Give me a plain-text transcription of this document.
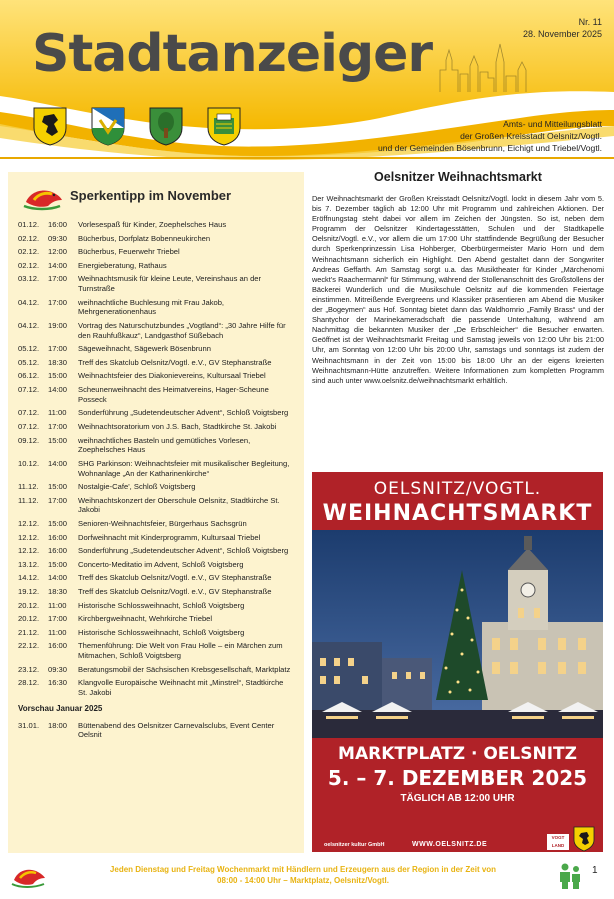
Stadtanzeiger
Nr. 11
28. November 2025
Amts- und Mitteilungsblatt
der Großen Kreisstadt Oelsnitz/Vogtl.
und der Gemeinden Bösenbrunn, Eichigt und Triebel/Vogtl.
Sperkentipp im November
01.12.	16:00	Vorlesespaß für Kinder, Zoephelsches Haus
02.12.	09:30	Bücherbus, Dorfplatz Bobenneukirchen
02.12.	12:00	Bücherbus, Feuerwehr Triebel
02.12.	14:00	Energieberatung, Rathaus
03.12.	17:00	Weihnachtsmusik für kleine Leute, Vereinshaus an der Turnstraße
04.12.	17:00	weihnachtliche Buchlesung mit Frau Jakob, Mehrgenerationenhaus
04.12.	19:00	Vortrag des Naturschutzbundes „Vogtland“: „30 Jahre Hilfe für den Rauhfußkauz“, Landgasthof Süßebach
05.12.	17:00	Sägeweihnacht, Sägewerk Bösenbrunn
05.12.	18:30	Treff des Skatclub Oelsnitz/Vogtl. e.V., GV Stephanstraße
06.12.	15:00	Weihnachtsfeier des Diakonievereins, Kultursaal Triebel
07.12.	14:00	Scheunenweihnacht des Heimatvereins, Hager-Scheune Posseck
07.12.	11:00	Sonderführung „Sudetendeutscher Advent“, Schloß Voigtsberg
07.12.	17:00	Weihnachtsoratorium von J.S. Bach, Stadtkirche St. Jakobi
09.12.	15:00	weihnachtliches Basteln und gemütliches Vorlesen, Zoephelsches Haus
10.12.	14:00	SHG Parkinson: Weihnachtsfeier mit musikalischer Begleitung, Wohnanlage „An der Katharinenkirche“
11.12.	15:00	Nostalgie-Cafe', Schloß Voigtsberg
11.12.	17:00	Weihnachtskonzert der Oberschule Oelsnitz, Stadtkirche St. Jakobi
12.12.	15:00	Senioren-Weihnachtsfeier, Bürgerhaus Sachsgrün
12.12.	16:00	Dorfweihnacht mit Kinderprogramm, Kultursaal Triebel
12.12.	16:00	Sonderführung „Sudetendeutscher Advent“, Schloß Voigtsberg
13.12.	15:00	Concerto-Meditatio im Advent, Schloß Voigtsberg
14.12.	14:00	Treff des Skatclub Oelsnitz/Vogtl. e.V., GV Stephanstraße
19.12.	18:30	Treff des Skatclub Oelsnitz/Vogtl. e.V., GV Stephanstraße
20.12.	11:00	Historische Schlossweihnacht, Schloß Voigtsberg
20.12.	17:00	Kirchbergweihnacht, Wehrkirche Triebel
21.12.	11:00	Historische Schlossweihnacht, Schloß Voigtsberg
22.12.	16:00	Themenführung: Die Welt von Frau Holle – ein Märchen zum Mitmachen, Schloß Voigtsberg
23.12.	09:30	Beratungsmobil der Sächsischen Krebsgesellschaft, Marktplatz
28.12.	16:30	Klangvolle Europäische Weihnacht mit „Minstrel“, Stadtkirche St. Jakobi
Vorschau Januar 2025
31.01.	18:00	Büttenabend des Oelsnitzer Carnevalsclubs, Event Center Oelsnit
Oelsnitzer Weihnachtsmarkt

Der Weihnachtsmarkt der Großen Kreisstadt Oelsnitz/Vogtl. lockt in diesem Jahr vom 5. bis 7. Dezember täglich ab 12:00 Uhr mit Programm und zahlreichen Aktionen. Der Eröffnungstag steht dabei vor allem im Zeichen der Jüngsten. So ist, neben dem Programm der Oelsnitzer Kindertagesstätten, Schulen und der Stadtkapelle Oelsnitz/Vogtl. e.V., vor allem die um 17:00 Uhr stattfindende Begrüßung der Besucher durch Sperkenprinzessin Lisa Hohberger, Oberbürgermeister Mario Horn und dem Weihnachtsmann sicherlich ein Highlight. Den Abend gestaltet dann der Songwriter Andreas Geffarth. Am Samstag sorgt u.a. das Musiktheater für Kinder „Märchenomi weckt’s Raachermannl“ für Stimmung, während der Stollenanschnitt des Großstollens der Bäckerei Wunderlich und die Musikschule Oelsnitz auf die kommenden Feiertage einstimmen. Mitreißende Evergreens und Klassiker präsentieren am Abend die Musiker der „Bogeymen“ aus Hof. Sonntag bietet dann das Waldhornrio „Family Brass“ und der Shantychor der Marinekameradschaft die passende Unterhaltung, während am Nachmittag die bekannten Musiker der „De Erbschleicher“ die Besucher erwarten. Geöffnet ist der Weihnachtsmarkt Freitag und Samstag jeweils von 12:00 Uhr bis 21:00 Uhr, am Sonntag von 12:00 Uhr bis 20:00 Uhr, samstags und sonntags ist zudem der Weihnachtsmann in der Zeit von 15:00 bis 18:00 Uhr an der eigens kreierten Weihnachtsmann-Hütte anzutreffen. Weitere Informationen zum kompletten Programm sind auch unter www.oelsnitz.de/weihnachtsmarkt erhältlich.

OELSNITZ/VOGTL.
WEIHNACHTSMARKT
MARKTPLATZ · OELSNITZ
5. – 7. DEZEMBER 2025
TÄGLICH AB 12:00 UHR
oelsnitzer kultur GmbH	WWW.OELSNITZ.DE
VOGT
LAND
Jeden Dienstag und Freitag Wochenmarkt mit Händlern und Erzeugern aus der Region in der Zeit von
08:00 - 14:00 Uhr – Marktplatz, Oelsnitz/Vogtl.
1
